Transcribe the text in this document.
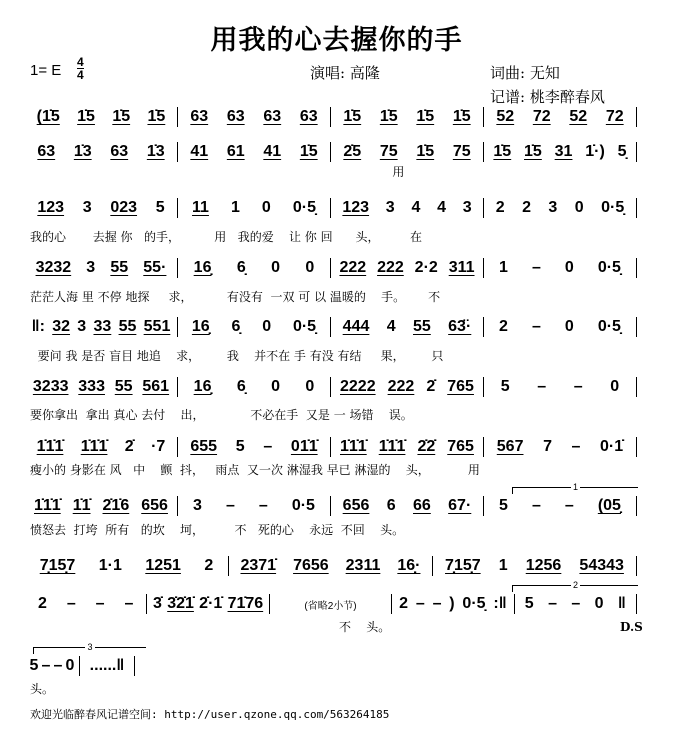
用我的心去握你的手
1= E 4
4	演唱: 高隆	词曲: 无知
记谱: 桃李醉春风
(1̇5 1̇5 1̇5 1̇5 63 63 63 63 1̇5 1̇5 1̇5 1̇5 52 72 52 72
63 1̇3 63 1̇3 41 61 41 1̇5 2̇5 75 1̇5 75 1̇5 1̇5 31 1̇·) 5̣
用
123 3 023 5 11 1 0 0·5̣ 123 3 4 4 3 2 2 3 0 0·5̣
我的心       去握 你   的手，         用   我的爱    让 你 回      头，        在
3232 3 55 55· 16̣ 6̣ 0 0 222 222 2·2 311 1 – 0 0·5̣
茫茫人海 里 不停 地探     求，         有没有  一双 可 以 温暖的    手。      不
‖: 32 3 33 55 551 16̣ 6̣ 0 0·5̣ 444 4 55 63̈· 2 – 0 0·5̣
要问 我 是否 盲目 地追    求，       我    并不在 手 有没 有结     果，       只
3233 333 55 561 16̣ 6̣ 0 0 2222 222 2̇ 765 5 – – 0
要你拿出  拿出 真心 去付    出，            不必在手  又是 一 场错    误。
1̇1̇1̇ 1̇1̇1̇ 2̇ ·7 655 5 – 01̇1̇ 1̇1̇1̇ 1̇1̇1̇ 2̇2̇ 765 567 7 – 0·1̇
瘦小的 身影在 风   中    颤  抖，   雨点  又一次 淋湿我 早已 淋湿的    头，          用
1̇1̇1̇ 1̇1̇ 2̇1̇6 656 3 – – 0·5 656 6 66 67· 5 – – (05̣
愤怒去  打垮  所有   的坎    坷，        不   死的心    永远  不回    头。
7̣15̣7 1·1 1251 2 2371̇ 7656 2311 16̣· 7̣15̣7 1 1256 54343
2 – – – 3̇ 3̇2̇1̇ 2̇·1̇ 71̇76	(省略2小节)	2 – – ) 0·5̣ :‖ 5 – – 0 ‖
不    头。
5 – – 0 ......‖
头。
1
2
3
D.S
欢迎光临醉春风记谱空间: http://user.qzone.qq.com/563264185
